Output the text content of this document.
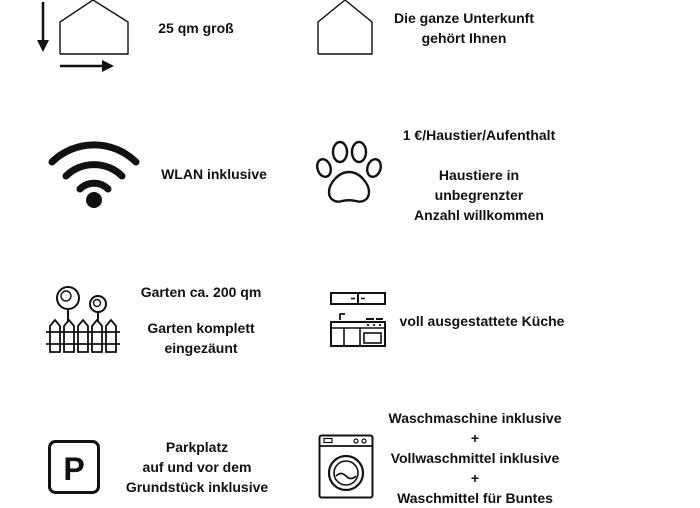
25 qm groß
Die ganze Unterkunft
gehört Ihnen
WLAN inklusive
1 €/Haustier/Aufenthalt
Haustiere in
unbegrenzter
Anzahl willkommen
Garten ca. 200 qm
Garten komplett
eingezäunt
voll ausgestattete Küche
P
Parkplatz
auf und vor dem
Grundstück inklusive
Waschmaschine inklusive
+
Vollwaschmittel inklusive
+
Waschmittel für Buntes
